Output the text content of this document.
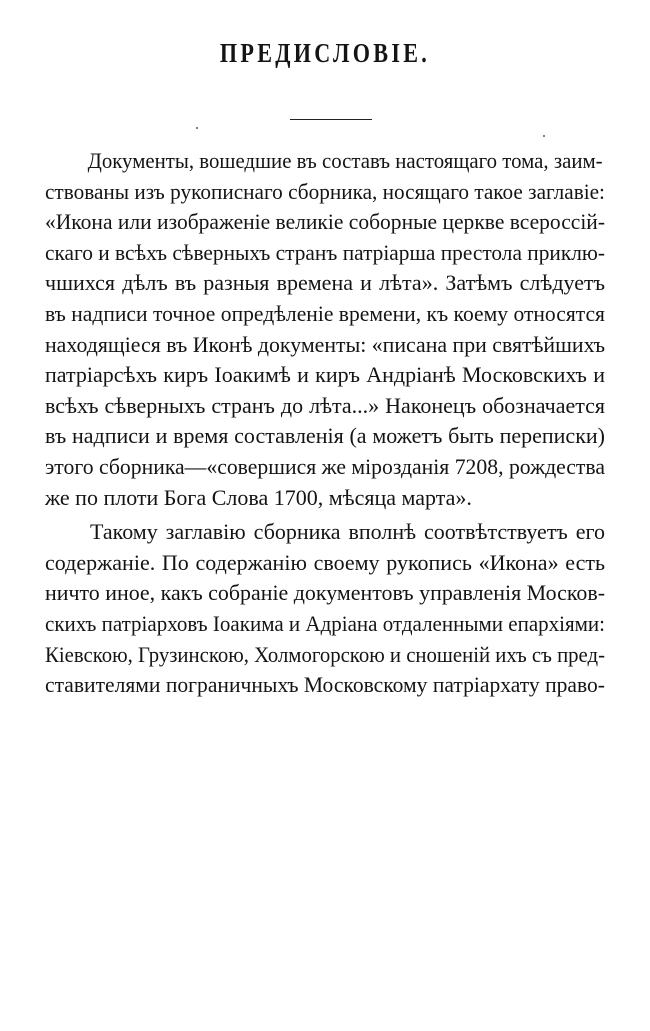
ПРЕДИСЛОВІЕ.
Документы, вошедшие въ составъ настоящаго тома, заим-
ствованы изъ рукописнаго сборника, носящаго такое заглавіе:
«Икона или изображеніе великіе соборные церкве всероссій-
скаго и всѣхъ сѣверныхъ странъ патріарша престола приклю-
чшихся дѣлъ въ разныя времена и лѣта». Затѣмъ слѣдуетъ
въ надписи точное опредѣленіе времени, къ коему относятся
находящіеся въ Иконѣ документы: «писана при святѣйшихъ
патріарсѣхъ киръ Іоакимѣ и киръ Андріанѣ Московскихъ и
всѣхъ сѣверныхъ странъ до лѣта...» Наконецъ обозначается
въ надписи и время составленія (а можетъ быть переписки)
этого сборника—«совершися же мірозданія 7208, рождества
же по плоти Бога Слова 1700, мѣсяца марта».
Такому заглавію сборника вполнѣ соотвѣтствуетъ его
содержаніе. По содержанію своему рукопись «Икона» есть
ничто иное, какъ собраніе документовъ управленія Москов-
скихъ патріарховъ Іоакима и Адріана отдаленными епархіями:
Кіевскою, Грузинскою, Холмогорскою и сношеній ихъ съ пред-
ставителями пограничныхъ Московскому патріархату право-
